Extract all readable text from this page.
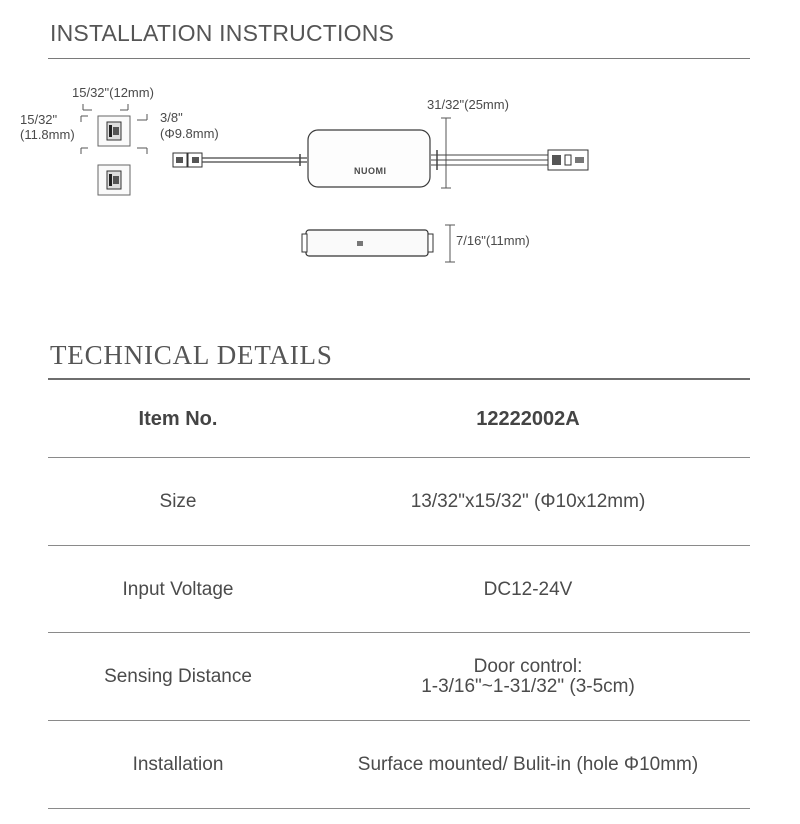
INSTALLATION INSTRUCTIONS
15/32"(12mm)
15/32"
(11.8mm)
3/8"
(Φ9.8mm)
NUOMI
31/32"(25mm)
7/16"(11mm)
TECHNICAL DETAILS
Item No.	12222002A
Size	13/32"x15/32" (Φ10x12mm)
Input Voltage	DC12-24V
Sensing Distance	Door control:
1-3/16"~1-31/32" (3-5cm)
Installation	Surface mounted/ Bulit-in (hole Φ10mm)
